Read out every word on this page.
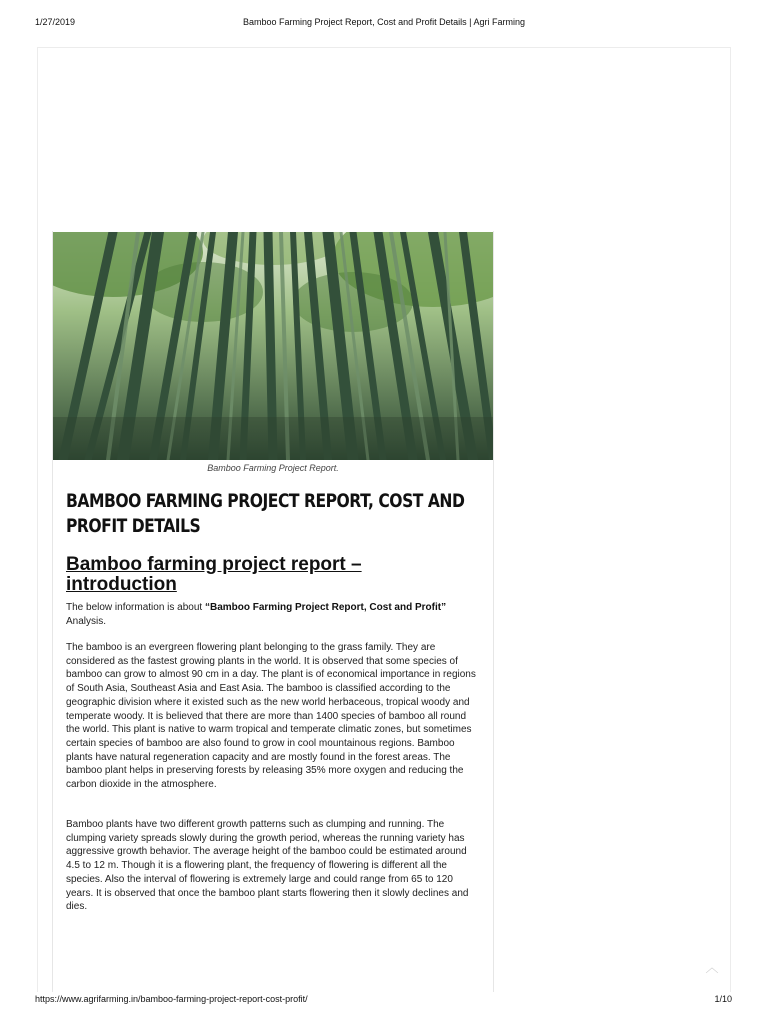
1/27/2019	Bamboo Farming Project Report, Cost and Profit Details | Agri Farming
Bamboo Farming Project Report.
BAMBOO FARMING PROJECT REPORT, COST AND PROFIT DETAILS
Bamboo farming project report – introduction

The below information is about “Bamboo Farming Project Report, Cost and Profit” Analysis.

The bamboo is an evergreen flowering plant belonging to the grass family. They are considered as the fastest growing plants in the world. It is observed that some species of bamboo can grow to almost 90 cm in a day. The plant is of economical importance in regions of South Asia, Southeast Asia and East Asia. The bamboo is classified according to the geographic division where it existed such as the new world herbaceous, tropical woody and temperate woody. It is believed that there are more than 1400 species of bamboo all round the world. This plant is native to warm tropical and temperate climatic zones, but sometimes certain species of bamboo are also found to grow in cool mountainous regions. Bamboo plants have natural regeneration capacity and are mostly found in the forest areas. The bamboo plant helps in preserving forests by releasing 35% more oxygen and reducing the carbon dioxide in the atmosphere.

Bamboo plants have two different growth patterns such as clumping and running. The clumping variety spreads slowly during the growth period, whereas the running variety has aggressive growth behavior. The average height of the bamboo could be estimated around 4.5 to 12 m. Though it is a flowering plant, the frequency of flowering is different all the species. Also the interval of flowering is extremely large and could range from 65 to 120 years. It is observed that once the bamboo plant starts flowering then it slowly declines and dies.

︿
https://www.agrifarming.in/bamboo-farming-project-report-cost-profit/	1/10
